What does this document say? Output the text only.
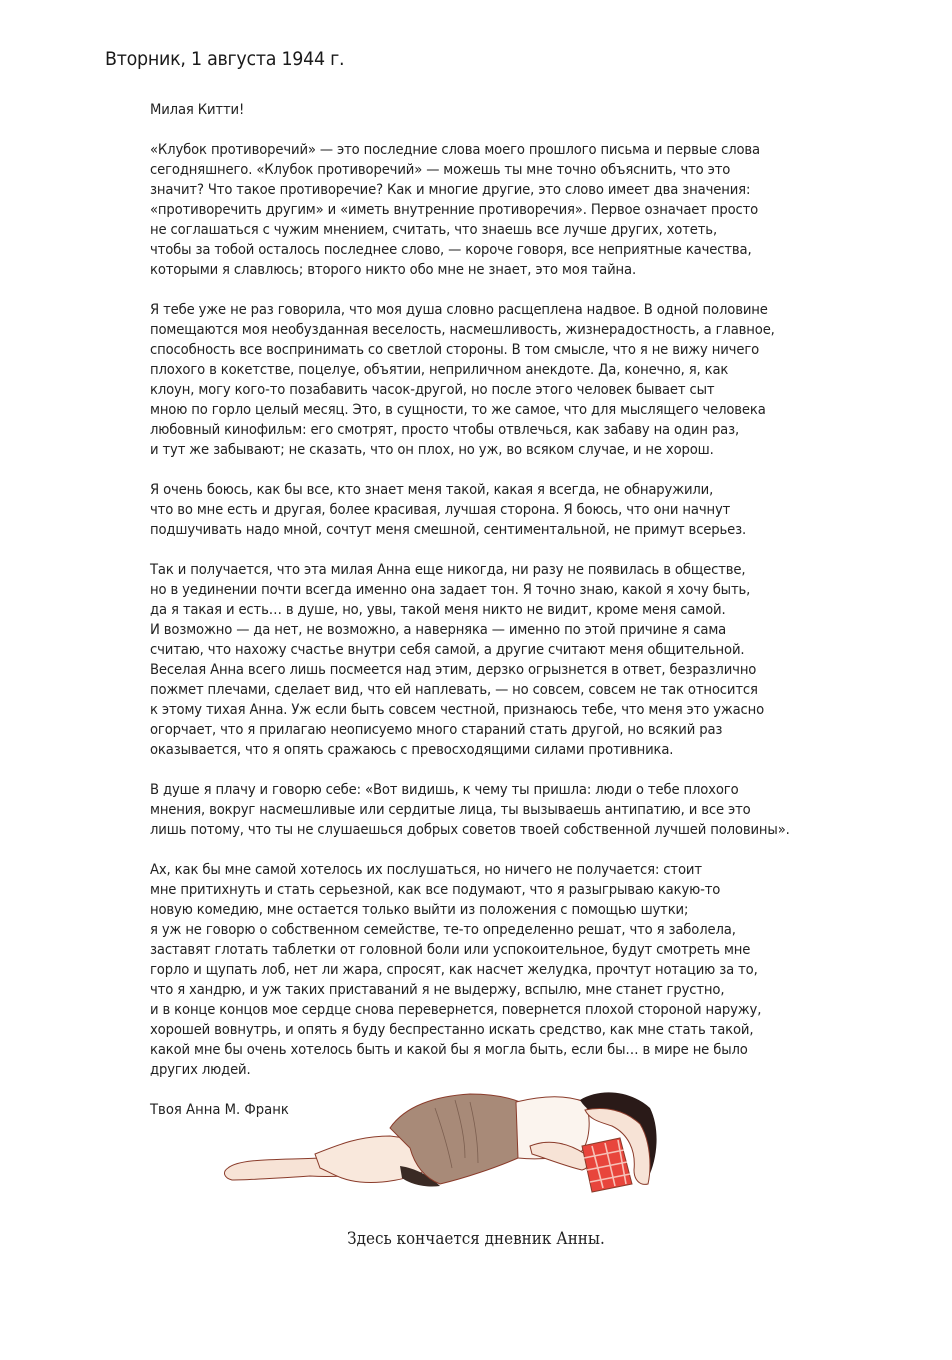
Вторник, 1 августа 1944 г.
Милая Китти!
«Клубок противоречий» — это последние слова моего прошлого письма и первые слова
сегодняшнего. «Клубок противоречий» — можешь ты мне точно объяснить, что это
значит? Что такое противоречие? Как и многие другие, это слово имеет два значения:
«противоречить другим» и «иметь внутренние противоречия». Первое означает просто
не соглашаться с чужим мнением, считать, что знаешь все лучше других, хотеть,
чтобы за тобой осталось последнее слово, — короче говоря, все неприятные качества,
которыми я славлюсь; второго никто обо мне не знает, это моя тайна.
Я тебе уже не раз говорила, что моя душа словно расщеплена надвое. В одной половине
помещаются моя необузданная веселость, насмешливость, жизнерадостность, а главное,
способность все воспринимать со светлой стороны. В том смысле, что я не вижу ничего
плохого в кокетстве, поцелуе, объятии, неприличном анекдоте. Да, конечно, я, как
клоун, могу кого-то позабавить часок-другой, но после этого человек бывает сыт
мною по горло целый месяц. Это, в сущности, то же самое, что для мыслящего человека
любовный кинофильм: его смотрят, просто чтобы отвлечься, как забаву на один раз,
и тут же забывают; не сказать, что он плох, но уж, во всяком случае, и не хорош.
Я очень боюсь, как бы все, кто знает меня такой, какая я всегда, не обнаружили,
что во мне есть и другая, более красивая, лучшая сторона. Я боюсь, что они начнут
подшучивать надо мной, сочтут меня смешной, сентиментальной, не примут всерьез.
Так и получается, что эта милая Анна еще никогда, ни разу не появилась в обществе,
но в уединении почти всегда именно она задает тон. Я точно знаю, какой я хочу быть,
да я такая и есть… в душе, но, увы, такой меня никто не видит, кроме меня самой.
И возможно — да нет, не возможно, а наверняка — именно по этой причине я сама
считаю, что нахожу счастье внутри себя самой, а другие считают меня общительной.
Веселая Анна всего лишь посмеется над этим, дерзко огрызнется в ответ, безразлично
пожмет плечами, сделает вид, что ей наплевать, — но совсем, совсем не так относится
к этому тихая Анна. Уж если быть совсем честной, признаюсь тебе, что меня это ужасно
огорчает, что я прилагаю неописуемо много стараний стать другой, но всякий раз
оказывается, что я опять сражаюсь с превосходящими силами противника.
В душе я плачу и говорю себе: «Вот видишь, к чему ты пришла: люди о тебе плохого
мнения, вокруг насмешливые или сердитые лица, ты вызываешь антипатию, и все это
лишь потому, что ты не слушаешься добрых советов твоей собственной лучшей половины».
Ах, как бы мне самой хотелось их послушаться, но ничего не получается: стоит
мне притихнуть и стать серьезной, как все подумают, что я разыгрываю какую-то
новую комедию, мне остается только выйти из положения с помощью шутки;
я уж не говорю о собственном семействе, те-то определенно решат, что я заболела,
заставят глотать таблетки от головной боли или успокоительное, будут смотреть мне
горло и щупать лоб, нет ли жара, спросят, как насчет желудка, прочтут нотацию за то,
что я хандрю, и уж таких приставаний я не выдержу, вспылю, мне станет грустно,
и в конце концов мое сердце снова перевернется, повернется плохой стороной наружу,
хорошей вовнутрь, и опять я буду беспрестанно искать средство, как мне стать такой,
какой мне бы очень хотелось быть и какой бы я могла быть, если бы… в мире не было
других людей.
Твоя Анна М. Франк
Здесь кончается дневник Анны.
